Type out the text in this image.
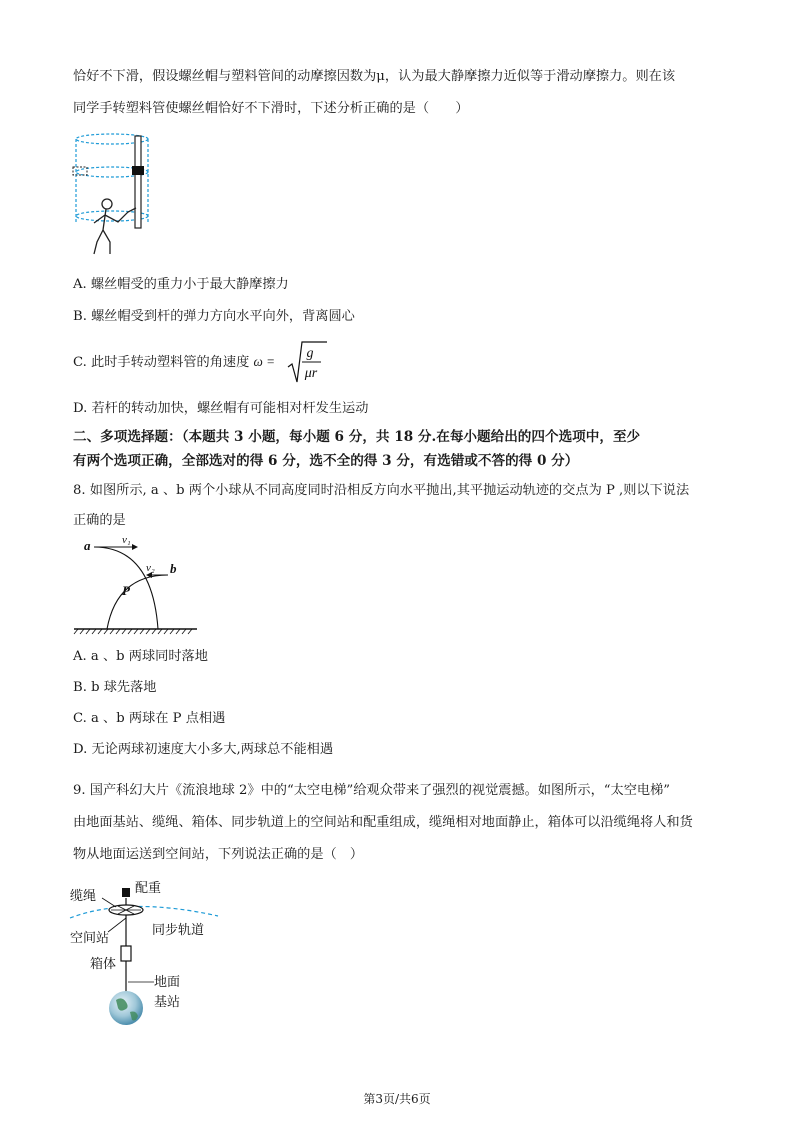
恰好不下滑，假设螺丝帽与塑料管间的动摩擦因数为μ，认为最大静摩擦力近似等于滑动摩擦力。则在该
同学手转塑料管使螺丝帽恰好不下滑时，下述分析正确的是（　　）
A. 螺丝帽受的重力小于最大静摩擦力
B. 螺丝帽受到杆的弹力方向水平向外，背离圆心
C. 此时手转动塑料管的角速度 ω =
g
μr
D. 若杆的转动加快，螺丝帽有可能相对杆发生运动
二、多项选择题：（本题共 3 小题，每小题 6 分，共 18 分.在每小题给出的四个选项中，至少
有两个选项正确，全部选对的得 6 分，选不全的得 3 分，有选错或不答的得 0 分）
8. 如图所示, a 、b 两个小球从不同高度同时沿相反方向水平抛出,其平抛运动轨迹的交点为 P ,则以下说法
正确的是
a	v₁
v₂ b
P
A. a 、b 两球同时落地
B. b 球先落地
C. a 、b 两球在 P 点相遇
D. 无论两球初速度大小多大,两球总不能相遇
9. 国产科幻大片《流浪地球 2》中的“太空电梯”给观众带来了强烈的视觉震撼。如图所示，“太空电梯”
由地面基站、缆绳、箱体、同步轨道上的空间站和配重组成，缆绳相对地面静止，箱体可以沿缆绳将人和货
物从地面运送到空间站，下列说法正确的是（　）
缆绳
配重
空间站
同步轨道
箱体
地面
基站
第3页/共6页
